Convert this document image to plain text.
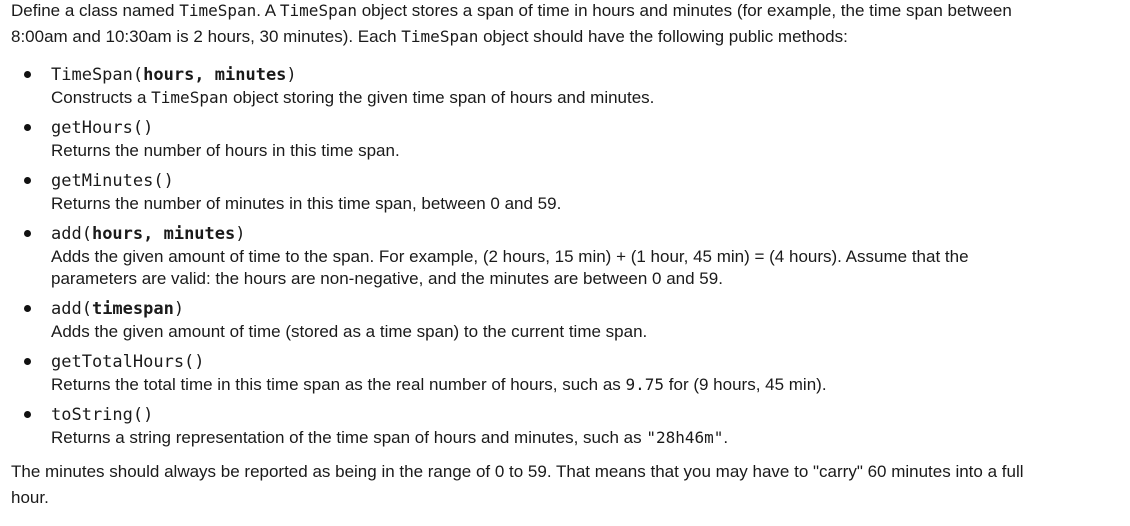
Define a class named TimeSpan. A TimeSpan object stores a span of time in hours and minutes (for example, the time span between 8:00am and 10:30am is 2 hours, 30 minutes). Each TimeSpan object should have the following public methods:

TimeSpan(hours, minutes)
Constructs a TimeSpan object storing the given time span of hours and minutes.
getHours()
Returns the number of hours in this time span.
getMinutes()
Returns the number of minutes in this time span, between 0 and 59.
add(hours, minutes)
Adds the given amount of time to the span. For example, (2 hours, 15 min) + (1 hour, 45 min) = (4 hours). Assume that the parameters are valid: the hours are non-negative, and the minutes are between 0 and 59.
add(timespan)
Adds the given amount of time (stored as a time span) to the current time span.
getTotalHours()
Returns the total time in this time span as the real number of hours, such as 9.75 for (9 hours, 45 min).
toString()
Returns a string representation of the time span of hours and minutes, such as "28h46m".

The minutes should always be reported as being in the range of 0 to 59. That means that you may have to "carry" 60 minutes into a full hour.
